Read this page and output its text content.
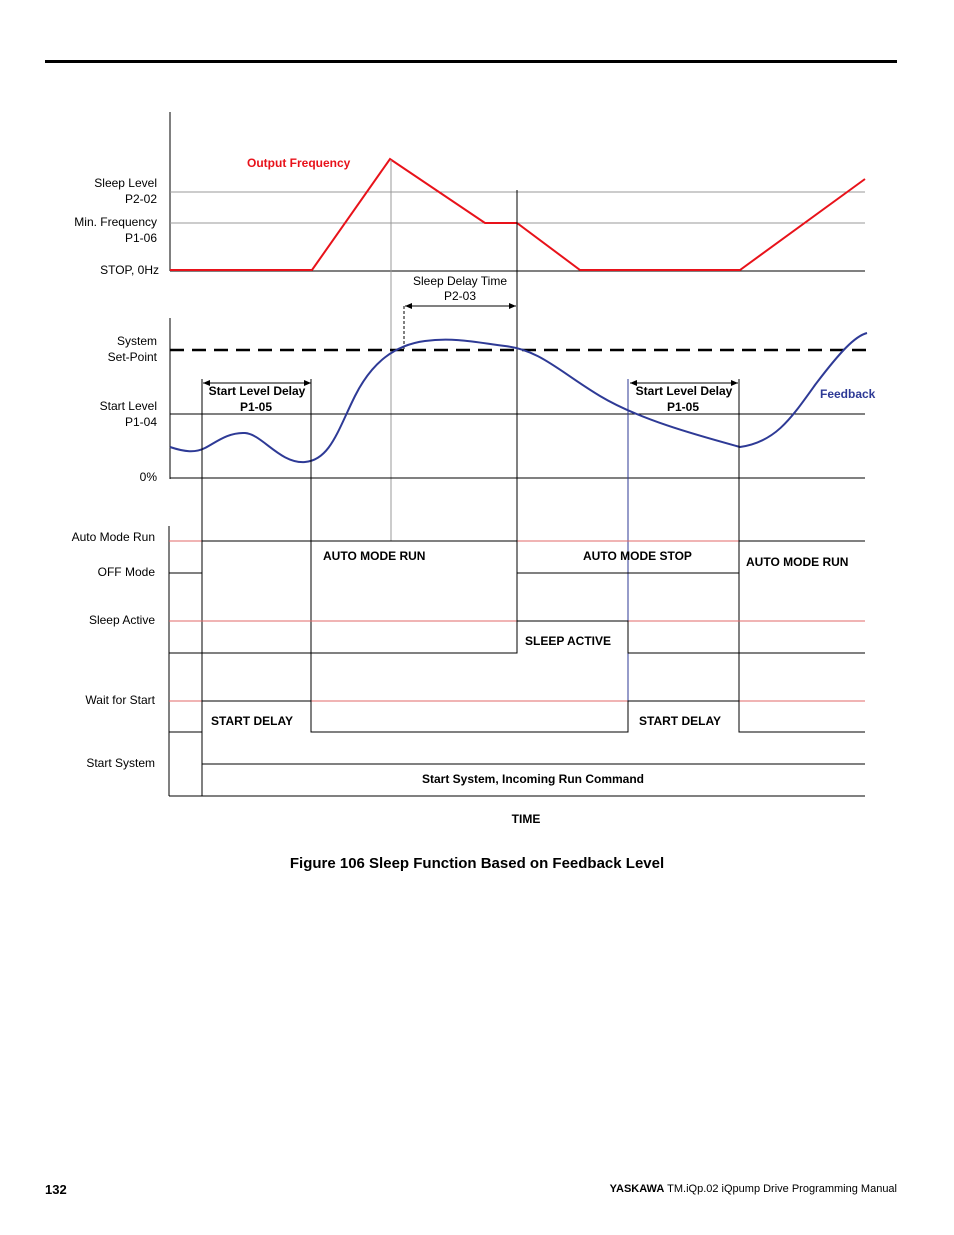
Sleep Level
P2-02
Min. Frequency
P1-06
STOP, 0Hz
Output Frequency
Sleep Delay Time
P2-03
System
Set-Point
Start Level
P1-04
0%
Feedback
Start Level Delay
P1-05
Start Level Delay
P1-05
Auto Mode Run
OFF Mode
AUTO MODE RUN	AUTO MODE STOP	AUTO MODE RUN
Sleep Active
SLEEP ACTIVE
Wait for Start
START DELAY	START DELAY
Start System
Start System, Incoming Run Command
TIME
Figure 106 Sleep Function Based on Feedback Level
132	YASKAWA TM.iQp.02 iQpump Drive Programming Manual
